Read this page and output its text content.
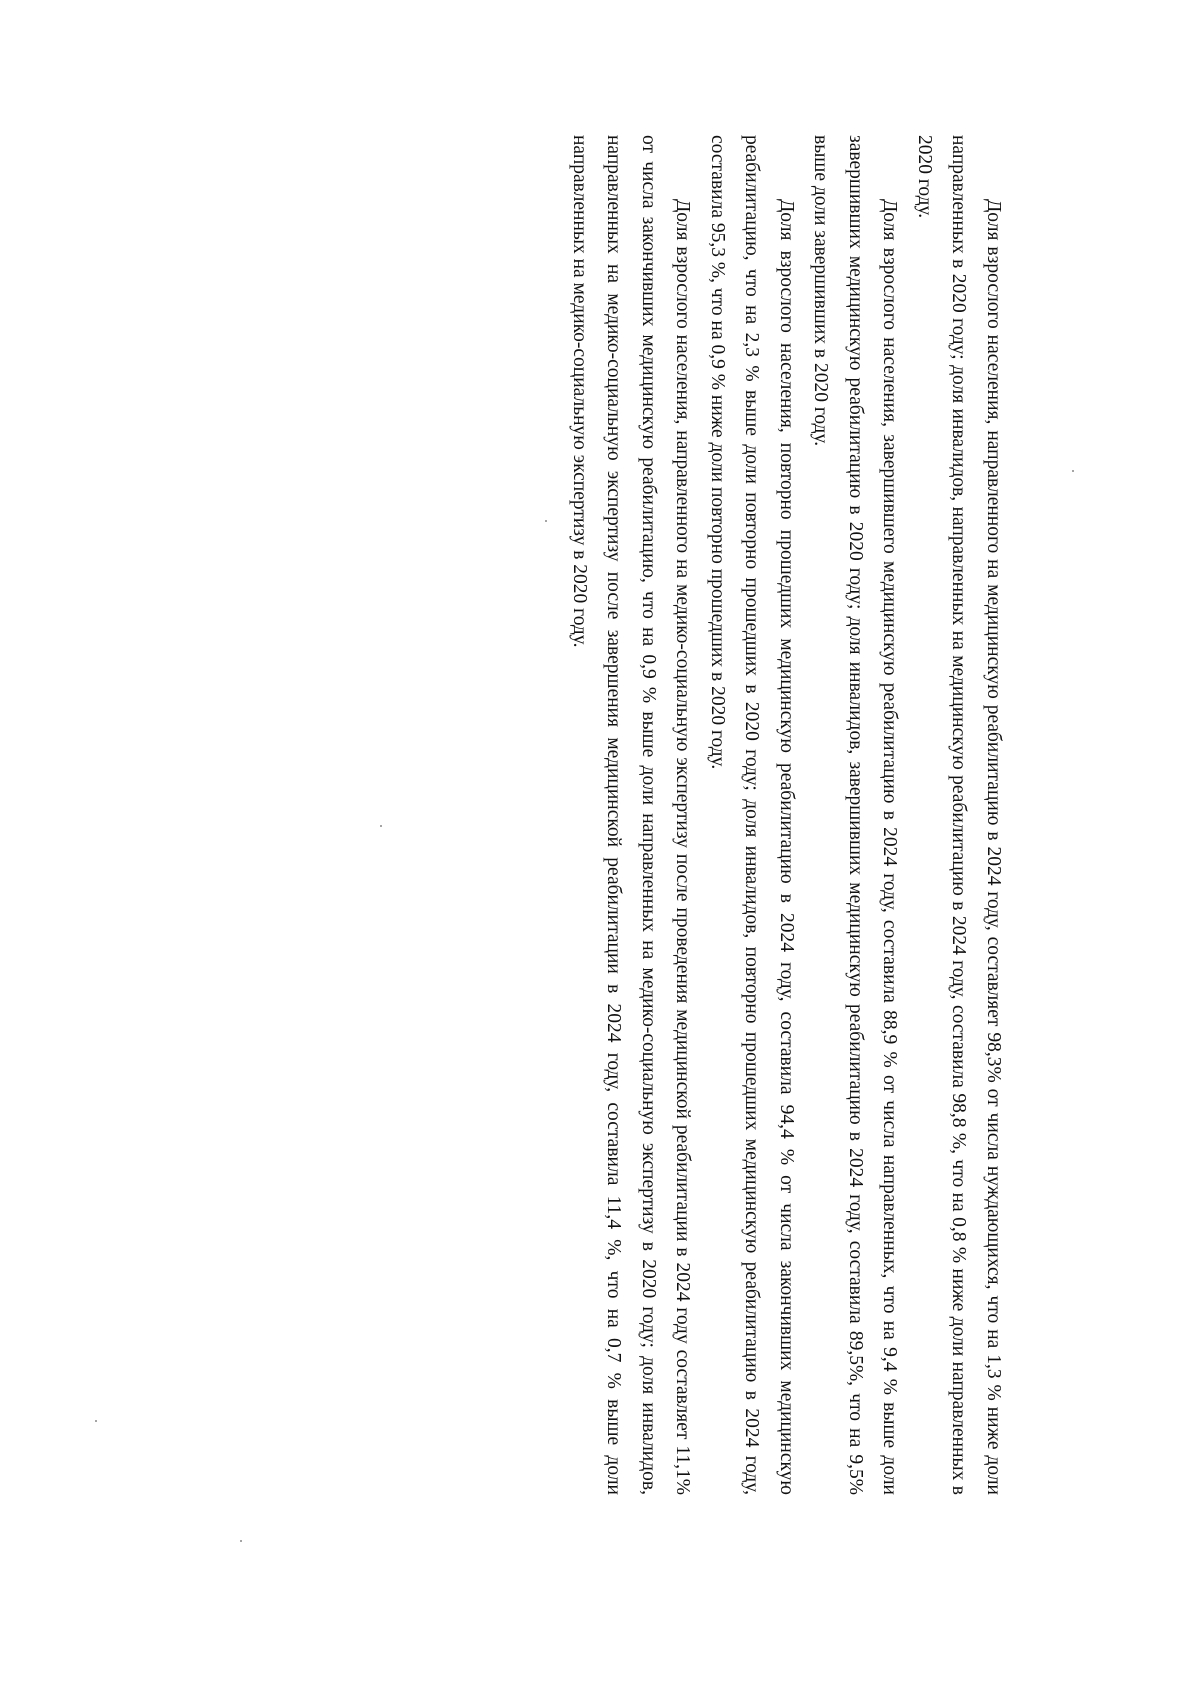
Доля взрослого населения, направленного на медицинскую реабилитацию в 2024 году, составляет 98,3% от числа нуждающихся, что на 1,3 % ниже доли направленных в 2020 году; доля инвалидов, направленных на медицинскую реабилитацию в 2024 году, составила 98,8 %, что на 0,8 % ниже доли направленных в 2020 году.

Доля взрослого населения, завершившего медицинскую реабилитацию в 2024 году, составила 88,9 % от числа направленных, что на 9,4 % выше доли завершивших медицинскую реабилитацию в 2020 году; доля инвалидов, завершивших медицинскую реабилитацию в 2024 году, составила 89,5%, что на 9,5% выше доли завершивших в 2020 году.

Доля взрослого населения, повторно прошедших медицинскую реабилитацию в 2024 году, составила 94,4 % от числа закончивших медицинскую реабилитацию, что на 2,3 % выше доли повторно прошедших в 2020 году; доля инвалидов, повторно прошедших медицинскую реабилитацию в 2024 году, составила 95,3 %, что на 0,9 % ниже доли повторно прошедших в 2020 году.

Доля взрослого населения, направленного на медико-социальную экспертизу после проведения медицинской реабилитации в 2024 году составляет 11,1% от числа закончивших медицинскую реабилитацию, что на 0,9 % выше доли направленных на медико-социальную экспертизу в 2020 году; доля инвалидов, направленных на медико-социальную экспертизу после завершения медицинской реабилитации в 2024 году, составила 11,4 %, что на 0,7 % выше доли направленных на медико-социальную экспертизу в 2020 году.
